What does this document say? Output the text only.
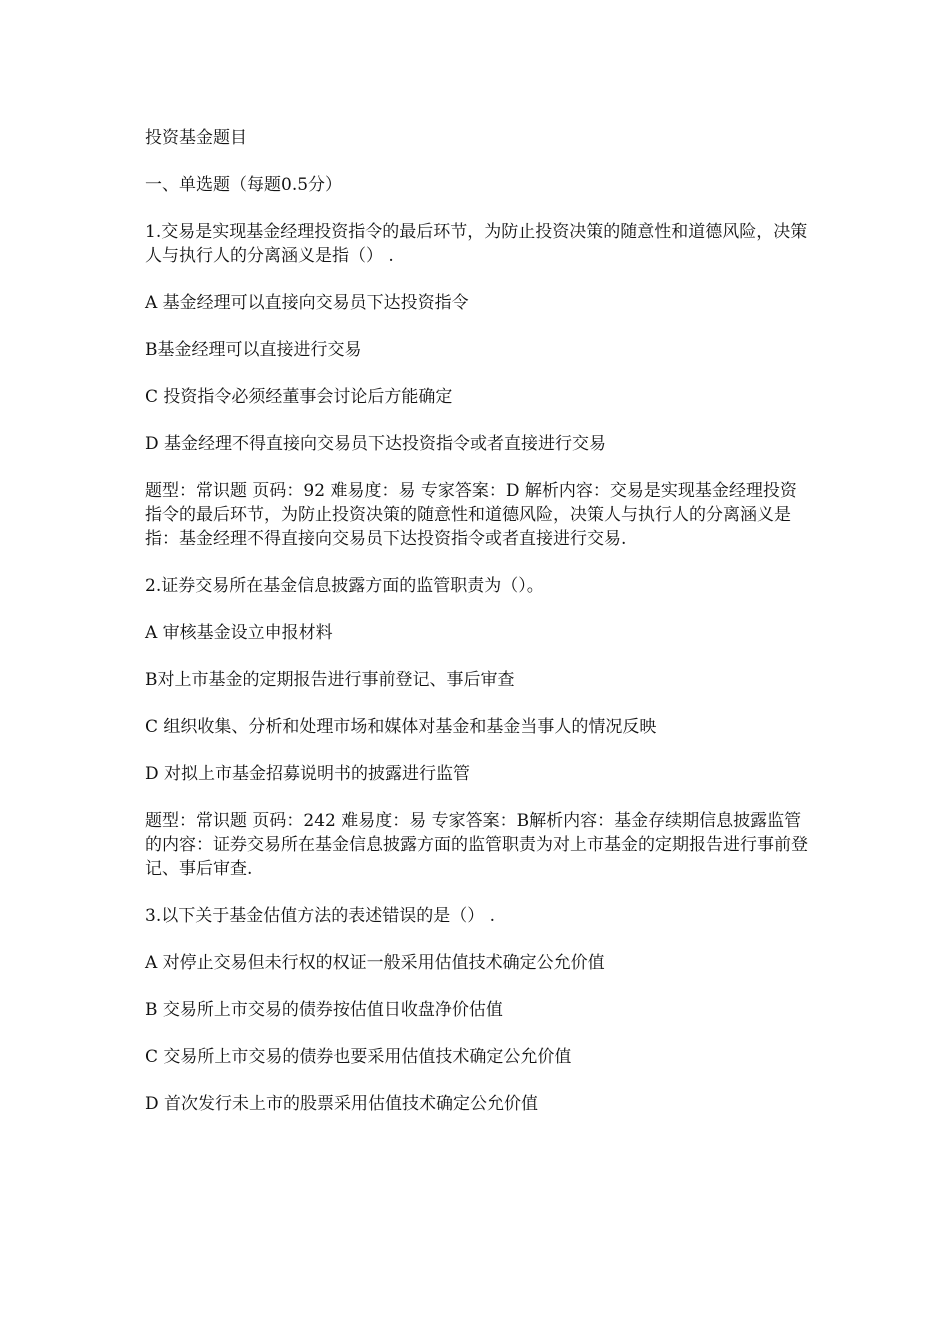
投资基金题目

一、单选题（每题0.5分）

1.交易是实现基金经理投资指令的最后环节，为防止投资决策的随意性和道德风险，决策人与执行人的分离涵义是指（） .

A 基金经理可以直接向交易员下达投资指令

B基金经理可以直接进行交易

C 投资指令必须经董事会讨论后方能确定

D 基金经理不得直接向交易员下达投资指令或者直接进行交易

题型：常识题 页码：92 难易度：易 专家答案：D 解析内容：交易是实现基金经理投资指令的最后环节，为防止投资决策的随意性和道德风险，决策人与执行人的分离涵义是指：基金经理不得直接向交易员下达投资指令或者直接进行交易.

2.证券交易所在基金信息披露方面的监管职责为（）。

A 审核基金设立申报材料

B对上市基金的定期报告进行事前登记、事后审查

C 组织收集、分析和处理市场和媒体对基金和基金当事人的情况反映

D 对拟上市基金招募说明书的披露进行监管

题型：常识题 页码：242 难易度：易 专家答案：B解析内容：基金存续期信息披露监管的内容：证券交易所在基金信息披露方面的监管职责为对上市基金的定期报告进行事前登记、事后审查.

3.以下关于基金估值方法的表述错误的是（） .

A 对停止交易但未行权的权证一般采用估值技术确定公允价值

B 交易所上市交易的债券按估值日收盘净价估值

C 交易所上市交易的债券也要采用估值技术确定公允价值

D 首次发行未上市的股票采用估值技术确定公允价值
